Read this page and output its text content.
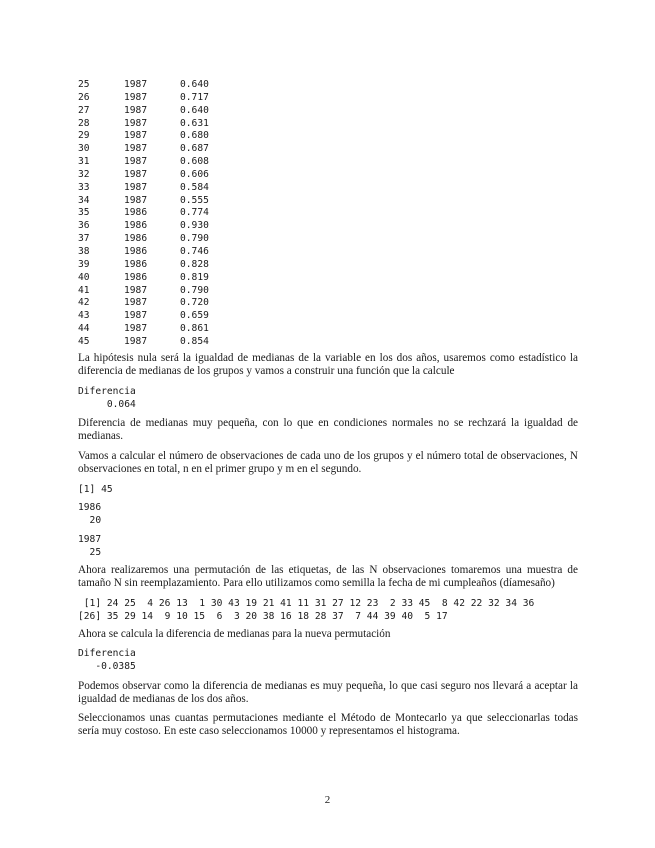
25	1987	0.640
26	1987	0.717
27	1987	0.640
28	1987	0.631
29	1987	0.680
30	1987	0.687
31	1987	0.608
32	1987	0.606
33	1987	0.584
34	1987	0.555
35	1986	0.774
36	1986	0.930
37	1986	0.790
38	1986	0.746
39	1986	0.828
40	1986	0.819
41	1987	0.790
42	1987	0.720
43	1987	0.659
44	1987	0.861
45	1987	0.854
La hipótesis nula será la igualdad de medianas de la variable en los dos años, usaremos como estadístico la diferencia de medianas de los grupos y vamos a construir una función que la calcule
Diferencia
0.064
Diferencia de medianas muy pequeña, con lo que en condiciones normales no se rechzará la igualdad de medianas.
Vamos a calcular el número de observaciones de cada uno de los grupos y el número total de observaciones, N observaciones en total, n en el primer grupo y m en el segundo.
[1] 45
1986
20
1987
25
Ahora realizaremos una permutación de las etiquetas, de las N observaciones tomaremos una muestra de tamaño N sin reemplazamiento. Para ello utilizamos como semilla la fecha de mi cumpleaños (díamesaño)
[1] 24 25  4 26 13  1 30 43 19 21 41 11 31 27 12 23  2 33 45  8 42 22 32 34 36
[26] 35 29 14  9 10 15  6  3 20 38 16 18 28 37  7 44 39 40  5 17
Ahora se calcula la diferencia de medianas para la nueva permutación
Diferencia
-0.0385
Podemos observar como la diferencia de medianas es muy pequeña, lo que casi seguro nos llevará a aceptar la igualdad de medianas de los dos años.
Seleccionamos unas cuantas permutaciones mediante el Método de Montecarlo ya que seleccionarlas todas sería muy costoso. En este caso seleccionamos 10000 y representamos el histograma.
2
